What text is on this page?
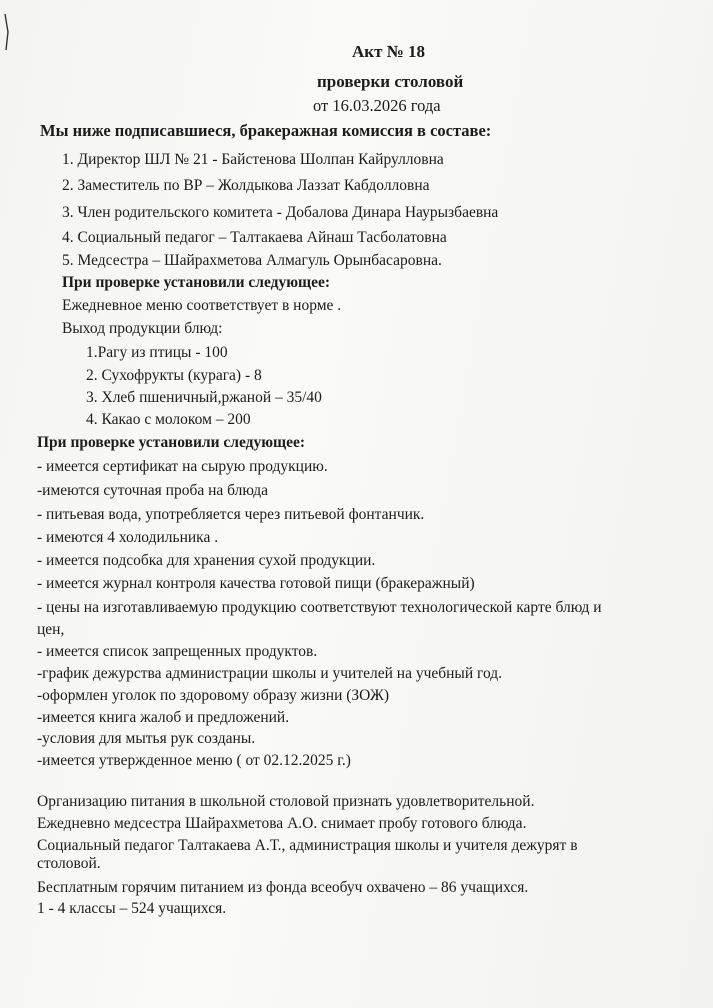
Акт № 18
проверки столовой
от 16.03.2026 года
Мы ниже подписавшиеся, бракеражная комиссия в составе:
1. Директор ШЛ № 21 - Байстенова Шолпан Кайрулловна
2. Заместитель по ВР – Жолдыкова Лаззат Кабдолловна
3. Член родительского комитета - Добалова Динара Наурызбаевна
4. Социальный педагог – Талтакаева Айнаш Тасболатовна
5. Медсестра – Шайрахметова Алмагуль Орынбасаровна.
При проверке установили следующее:
Ежедневное меню соответствует в норме .
Выход продукции блюд:
1.Рагу из птицы - 100
2. Сухофрукты (курага) - 8
3. Хлеб пшеничный,ржаной – 35/40
4. Какао с молоком – 200
При проверке установили следующее:
- имеется сертификат на сырую продукцию.
-имеются суточная проба на блюда
- питьевая вода, употребляется через питьевой фонтанчик.
- имеются 4 холодильника .
- имеется подсобка для хранения сухой продукции.
- имеется журнал контроля качества готовой пищи (бракеражный)
- цены на изготавливаемую продукцию соответствуют технологической карте блюд и
цен,
- имеется список запрещенных продуктов.
-график дежурства администрации школы и учителей на учебный год.
-оформлен уголок по здоровому образу жизни (ЗОЖ)
-имеется книга жалоб и предложений.
-условия для мытья рук созданы.
-имеется утвержденное меню ( от 02.12.2025 г.)
Организацию питания в школьной столовой признать удовлетворительной.
Ежедневно медсестра Шайрахметова А.О. снимает пробу готового блюда.
Социальный педагог Талтакаева А.Т., администрация школы и учителя дежурят в
столовой.
Бесплатным горячим питанием из фонда всеобуч охвачено – 86 учащихся.
1 - 4 классы – 524 учащихся.
